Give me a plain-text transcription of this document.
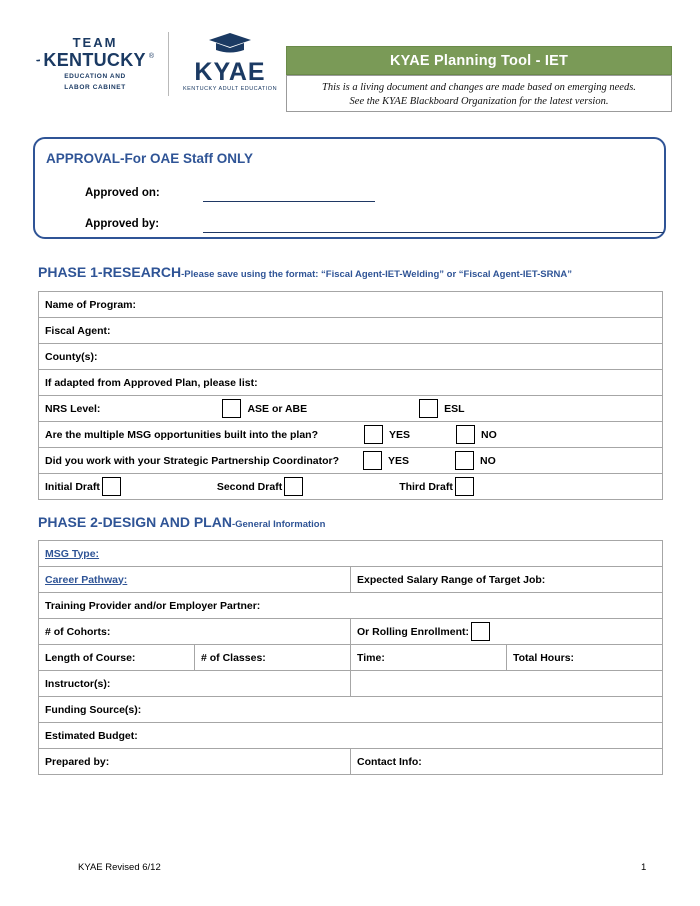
TEAM
KENTUCKY ®
EDUCATION AND
LABOR CABINET
KYAE
KENTUCKY ADULT EDUCATION
KYAE Planning Tool - IET
This is a living document and changes are made based on emerging needs.
See the KYAE Blackboard Organization for the latest version.
APPROVAL-For OAE Staff ONLY
Approved on:
Approved by:
PHASE 1-RESEARCH-Please save using the format: “Fiscal Agent-IET-Welding” or “Fiscal Agent-IET-SRNA”
Name of Program:
Fiscal Agent:
County(s):
If adapted from Approved Plan, please list:

NRS Level:	ASE or ABE	ESL

Are the multiple MSG opportunities built into the plan?	YES	NO

Did you work with your Strategic Partnership Coordinator?	YES	NO

Initial Draft	Second Draft	Third Draft
PHASE 2-DESIGN AND PLAN-General Information
MSG Type:			
Career Pathway:		Expected Salary Range of Target Job:	
Training Provider and/or Employer Partner:			
# of Cohorts:		Or Rolling Enrollment:	

Length of Course:	# of Classes:	Time:	Total Hours:
Instructor(s):			
Funding Source(s):			
Estimated Budget:			
Prepared by:		Contact Info:	
KYAE Revised 6/12	1
